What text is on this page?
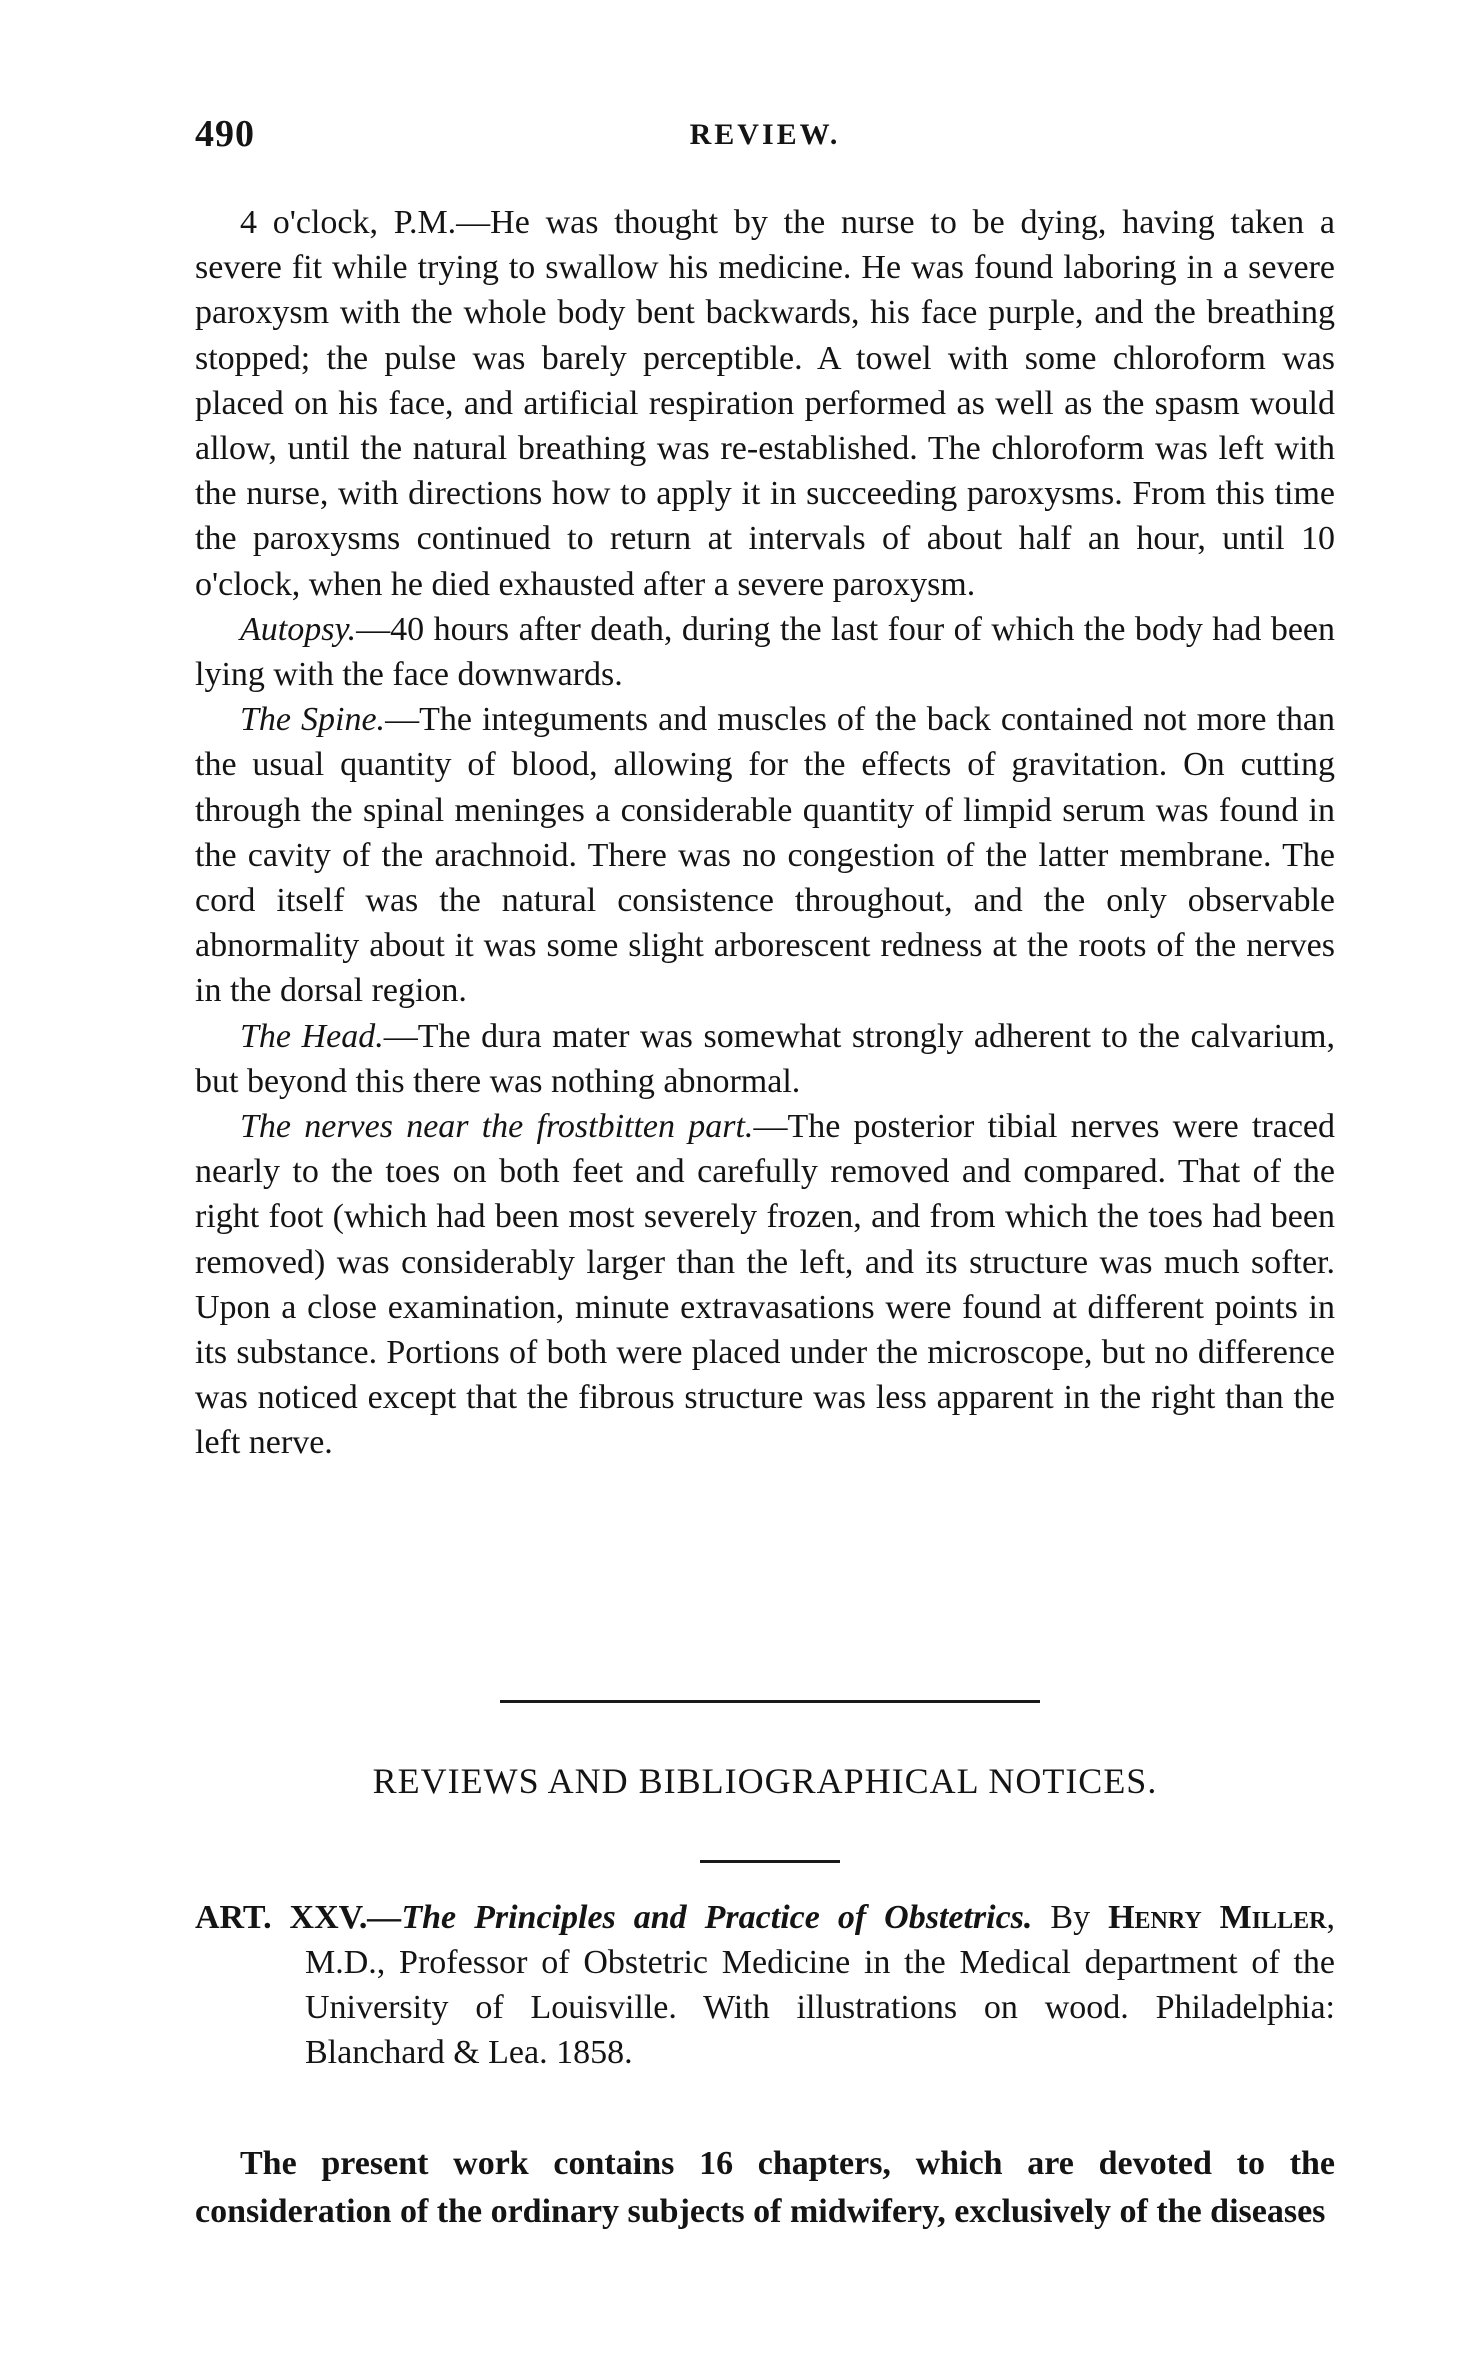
490	REVIEW.

4 o'clock, P.M.—He was thought by the nurse to be dying, having taken a severe fit while trying to swallow his medicine. He was found laboring in a severe paroxysm with the whole body bent backwards, his face purple, and the breathing stopped; the pulse was barely perceptible. A towel with some chloroform was placed on his face, and artificial respiration performed as well as the spasm would allow, until the natural breathing was re-established. The chloroform was left with the nurse, with directions how to apply it in succeeding paroxysms. From this time the paroxysms continued to return at intervals of about half an hour, until 10 o'clock, when he died exhausted after a severe paroxysm.

Autopsy.—40 hours after death, during the last four of which the body had been lying with the face downwards.

The Spine.—The integuments and muscles of the back contained not more than the usual quantity of blood, allowing for the effects of gravitation. On cutting through the spinal meninges a considerable quantity of limpid serum was found in the cavity of the arachnoid. There was no congestion of the latter membrane. The cord itself was the natural consistence throughout, and the only observable abnormality about it was some slight arborescent redness at the roots of the nerves in the dorsal region.

The Head.—The dura mater was somewhat strongly adherent to the calvarium, but beyond this there was nothing abnormal.

The nerves near the frostbitten part.—The posterior tibial nerves were traced nearly to the toes on both feet and carefully removed and compared. That of the right foot (which had been most severely frozen, and from which the toes had been removed) was considerably larger than the left, and its structure was much softer. Upon a close examination, minute extravasations were found at different points in its substance. Portions of both were placed under the microscope, but no difference was noticed except that the fibrous structure was less apparent in the right than the left nerve.

REVIEWS AND BIBLIOGRAPHICAL NOTICES.

ART. XXV.—The Principles and Practice of Obstetrics. By Henry Miller, M.D., Professor of Obstetric Medicine in the Medical department of the University of Louisville. With illustrations on wood. Philadelphia: Blanchard & Lea. 1858.

The present work contains 16 chapters, which are devoted to the consideration of the ordinary subjects of midwifery, exclusively of the diseases
